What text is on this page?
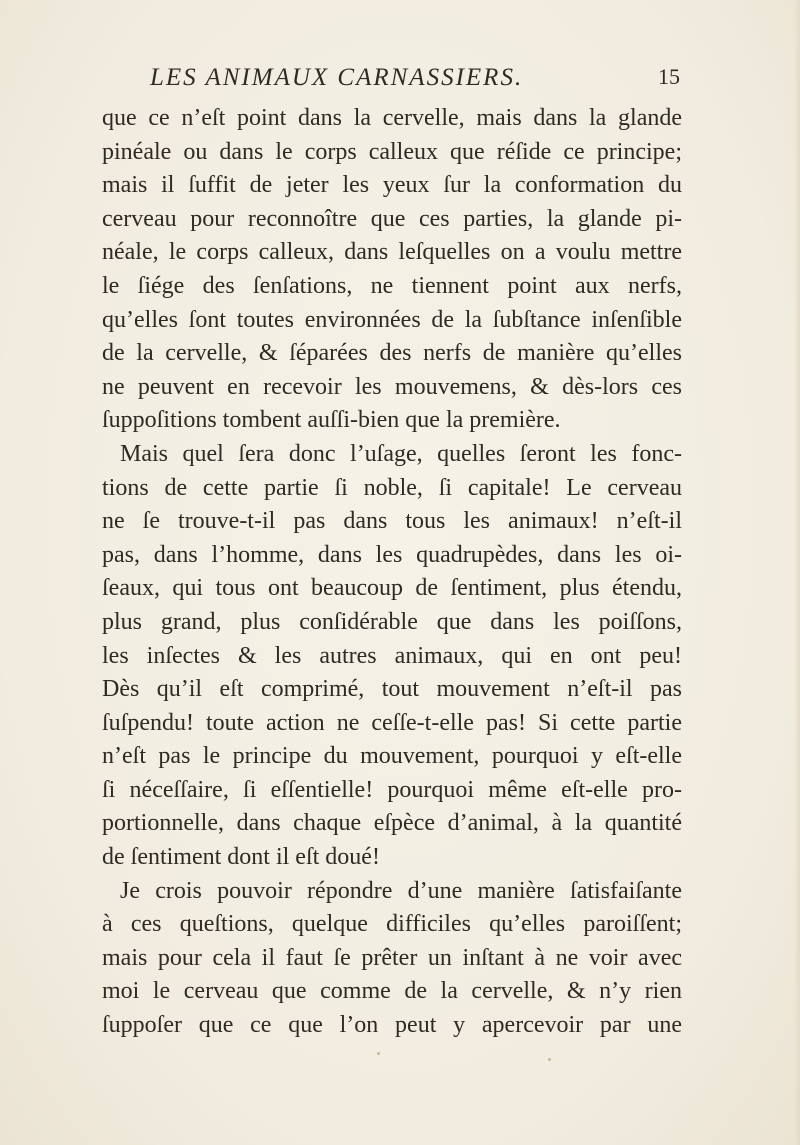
LES ANIMAUX CARNASSIERS.	15
que ce n’eſt point dans la cervelle, mais dans la glande
pinéale ou dans le corps calleux que réſide ce principe;
mais il ſuffit de jeter les yeux ſur la conformation du
cerveau pour reconnoître que ces parties, la glande pi-
néale, le corps calleux, dans leſquelles on a voulu mettre
le ſiége des ſenſations, ne tiennent point aux nerfs,
qu’elles ſont toutes environnées de la ſubſtance inſenſible
de la cervelle, & ſéparées des nerfs de manière qu’elles
ne peuvent en recevoir les mouvemens, & dès-lors ces
ſuppoſitions tombent auſſi-bien que la première.
Mais quel ſera donc l’uſage, quelles ſeront les fonc-
tions de cette partie ſi noble, ſi capitale! Le cerveau
ne ſe trouve-t-il pas dans tous les animaux! n’eſt-il
pas, dans l’homme, dans les quadrupèdes, dans les oi-
ſeaux, qui tous ont beaucoup de ſentiment, plus étendu,
plus grand, plus conſidérable que dans les poiſſons,
les inſectes & les autres animaux, qui en ont peu!
Dès qu’il eſt comprimé, tout mouvement n’eſt-il pas
ſuſpendu! toute action ne ceſſe-t-elle pas! Si cette partie
n’eſt pas le principe du mouvement, pourquoi y eſt-elle
ſi néceſſaire, ſi eſſentielle! pourquoi même eſt-elle pro-
portionnelle, dans chaque eſpèce d’animal, à la quantité
de ſentiment dont il eſt doué!
Je crois pouvoir répondre d’une manière ſatisfaiſante
à ces queſtions, quelque difficiles qu’elles paroiſſent;
mais pour cela il faut ſe prêter un inſtant à ne voir avec
moi le cerveau que comme de la cervelle, & n’y rien
ſuppoſer que ce que l’on peut y apercevoir par une
